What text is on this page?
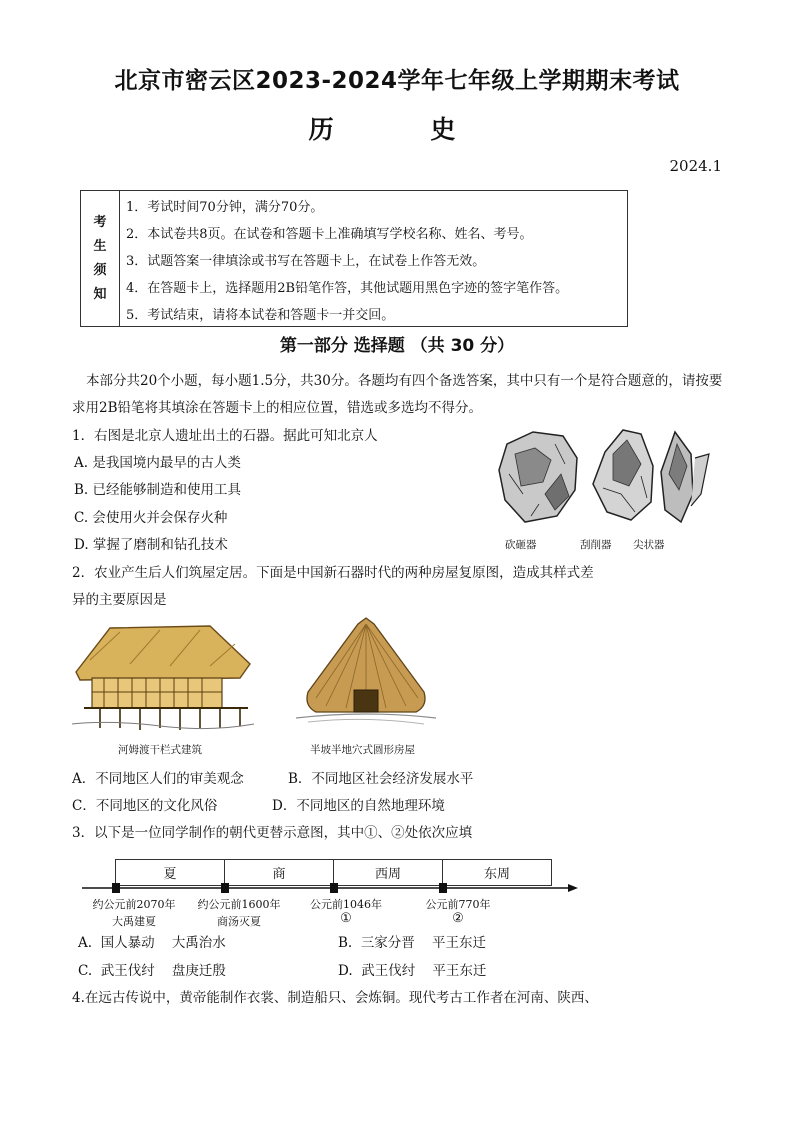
北京市密云区2023-2024学年七年级上学期期末考试
历 史
2024.1
考
生
须
知
1．考试时间70分钟，满分70分。
2．本试卷共8页。在试卷和答题卡上准确填写学校名称、姓名、考号。
3．试题答案一律填涂或书写在答题卡上，在试卷上作答无效。
4．在答题卡上，选择题用2B铅笔作答，其他试题用黑色字迹的签字笔作答。
5．考试结束，请将本试卷和答题卡一并交回。
第一部分 选择题 （共 30 分）
本部分共20个小题，每小题1.5分，共30分。各题均有四个备选答案，其中只有一个是符合题意的，请按要求用2B铅笔将其填涂在答题卡上的相应位置，错选或多选均不得分。
1．右图是北京人遗址出土的石器。据此可知北京人
A. 是我国境内最早的古人类
B. 已经能够制造和使用工具
C. 会使用火并会保存火种
D. 掌握了磨制和钻孔技术	砍砸器	刮削器 尖状器
2．农业产生后人们筑屋定居。下面是中国新石器时代的两种房屋复原图，造成其样式差
异的主要原因是
河姆渡干栏式建筑	半坡半地穴式圆形房屋
A．不同地区人们的审美观念	B．不同地区社会经济发展水平
C．不同地区的文化风俗	D．不同地区的自然地理环境
3．以下是一位同学制作的朝代更替示意图，其中①、②处依次应填
夏	商	西周	东周
约公元前2070年	约公元前1600年	公元前1046年	公元前770年
大禹建夏	商汤灭夏	①	②
A. 国人暴动 大禹治水	B. 三家分晋 平王东迁
C. 武王伐纣 盘庚迁殷	D. 武王伐纣 平王东迁
4.在远古传说中，黄帝能制作衣裳、制造船只、会炼铜。现代考古工作者在河南、陕西、
